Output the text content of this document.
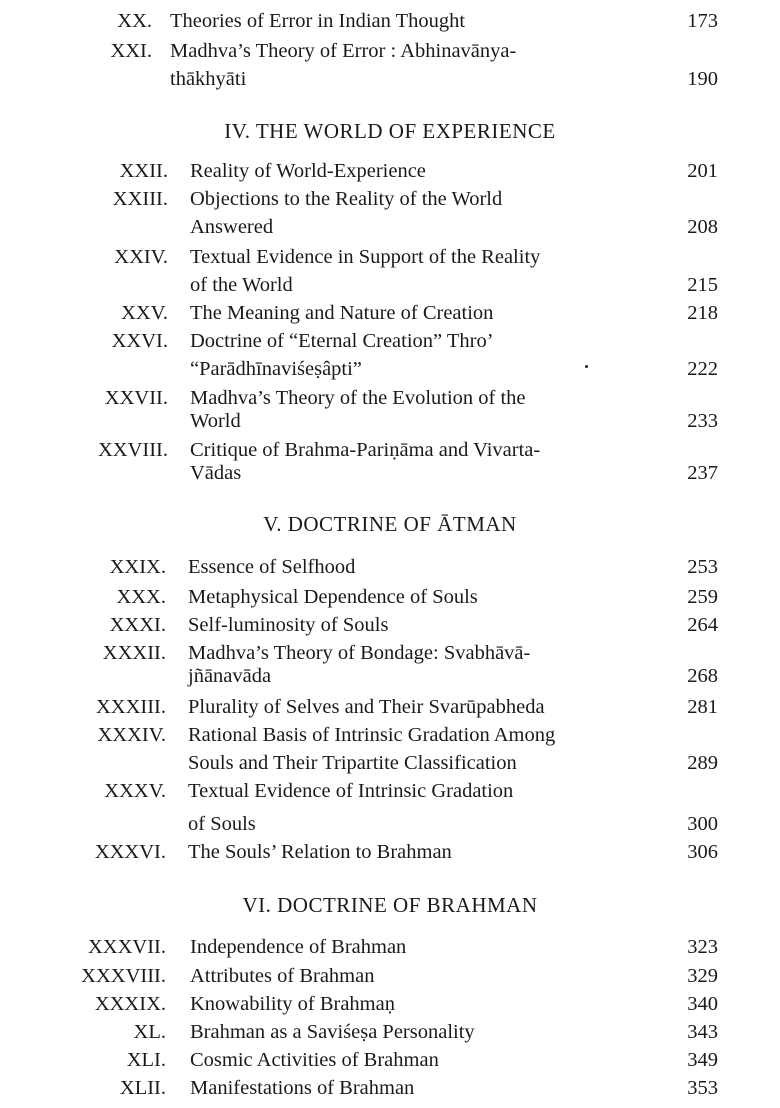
XX. Theories of Error in Indian Thought	173
XXI. Madhva’s Theory of Error : Abhinavānya-
thākhyāti	190
IV. THE WORLD OF EXPERIENCE
XXII. Reality of World-Experience	201
XXIII. Objections to the Reality of the World
Answered	208
XXIV. Textual Evidence in Support of the Reality
of the World	215
XXV. The Meaning and Nature of Creation	218
XXVI. Doctrine of “Eternal Creation” Thro’
“Parādhīnaviśeṣâpti”	222
XXVII. Madhva’s Theory of the Evolution of the
World	233
XXVIII. Critique of Brahma-Pariṇāma and Vivarta-
Vādas	237
V. DOCTRINE OF ĀTMAN
XXIX. Essence of Selfhood	253
XXX. Metaphysical Dependence of Souls	259
XXXI. Self-luminosity of Souls	264
XXXII. Madhva’s Theory of Bondage: Svabhāvā-
jñānavāda	268
XXXIII. Plurality of Selves and Their Svarūpabheda	281
XXXIV. Rational Basis of Intrinsic Gradation Among
Souls and Their Tripartite Classification	289
XXXV. Textual Evidence of Intrinsic Gradation
of Souls	300
XXXVI. The Souls’ Relation to Brahman	306
VI. DOCTRINE OF BRAHMAN
XXXVII. Independence of Brahman	323
XXXVIII. Attributes of Brahman	329
XXXIX. Knowability of Brahmaṇ	340
XL. Brahman as a Saviśeṣa Personality	343
XLI. Cosmic Activities of Brahman	349
XLII. Manifestations of Brahman	353
